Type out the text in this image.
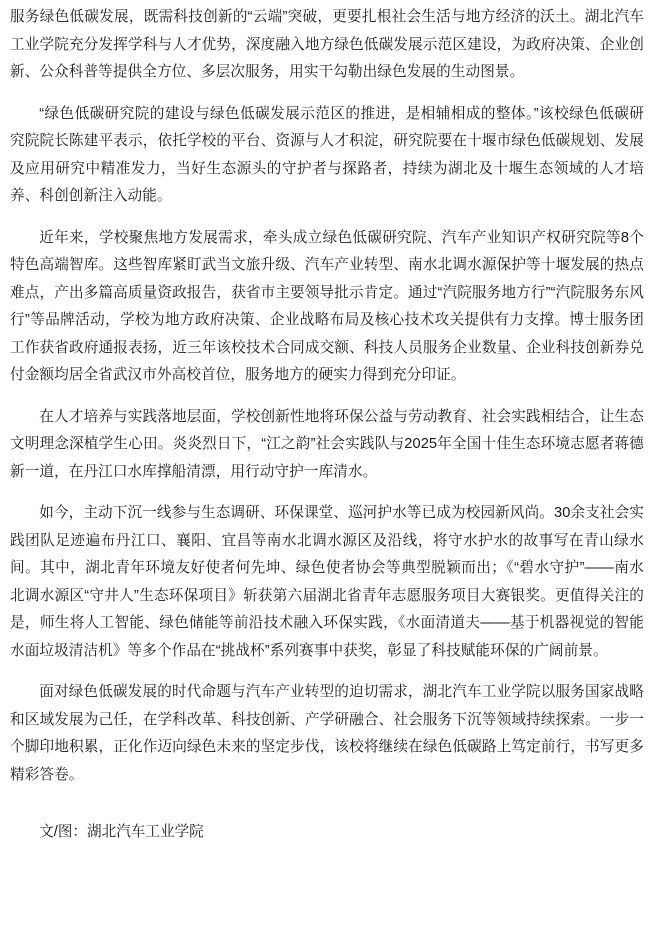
服务绿色低碳发展，既需科技创新的“云端”突破，更要扎根社会生活与地方经济的沃土。湖北汽车工业学院充分发挥学科与人才优势，深度融入地方绿色低碳发展示范区建设，为政府决策、企业创新、公众科普等提供全方位、多层次服务，用实干勾勒出绿色发展的生动图景。

“绿色低碳研究院的建设与绿色低碳发展示范区的推进，是相辅相成的整体。”该校绿色低碳研究院院长陈建平表示，依托学校的平台、资源与人才积淀，研究院要在十堰市绿色低碳规划、发展及应用研究中精准发力，当好生态源头的守护者与探路者，持续为湖北及十堰生态领域的人才培养、科创创新注入动能。

近年来，学校聚焦地方发展需求，牵头成立绿色低碳研究院、汽车产业知识产权研究院等8个特色高端智库。这些智库紧盯武当文旅升级、汽车产业转型、南水北调水源保护等十堰发展的热点难点，产出多篇高质量资政报告，获省市主要领导批示肯定。通过“汽院服务地方行”“汽院服务东风行”等品牌活动，学校为地方政府决策、企业战略布局及核心技术攻关提供有力支撑。博士服务团工作获省政府通报表扬，近三年该校技术合同成交额、科技人员服务企业数量、企业科技创新券兑付金额均居全省武汉市外高校首位，服务地方的硬实力得到充分印证。

在人才培养与实践落地层面，学校创新性地将环保公益与劳动教育、社会实践相结合，让生态文明理念深植学生心田。炎炎烈日下，“江之韵”社会实践队与2025年全国十佳生态环境志愿者蒋德新一道，在丹江口水库撑船清漂，用行动守护一库清水。

如今，主动下沉一线参与生态调研、环保课堂、巡河护水等已成为校园新风尚。30余支社会实践团队足迹遍布丹江口、襄阳、宜昌等南水北调水源区及沿线，将守水护水的故事写在青山绿水间。其中，湖北青年环境友好使者何先坤、绿色使者协会等典型脱颖而出；《“碧水守护”——南水北调水源区“守井人”生态环保项目》斩获第六届湖北省青年志愿服务项目大赛银奖。更值得关注的是，师生将人工智能、绿色储能等前沿技术融入环保实践，《水面清道夫——基于机器视觉的智能水面垃圾清洁机》等多个作品在“挑战杯”系列赛事中获奖，彰显了科技赋能环保的广阔前景。

面对绿色低碳发展的时代命题与汽车产业转型的迫切需求，湖北汽车工业学院以服务国家战略和区域发展为己任，在学科改革、科技创新、产学研融合、社会服务下沉等领域持续探索。一步一个脚印地积累，正化作迈向绿色未来的坚定步伐，该校将继续在绿色低碳路上笃定前行，书写更多精彩答卷。

文/图：湖北汽车工业学院
